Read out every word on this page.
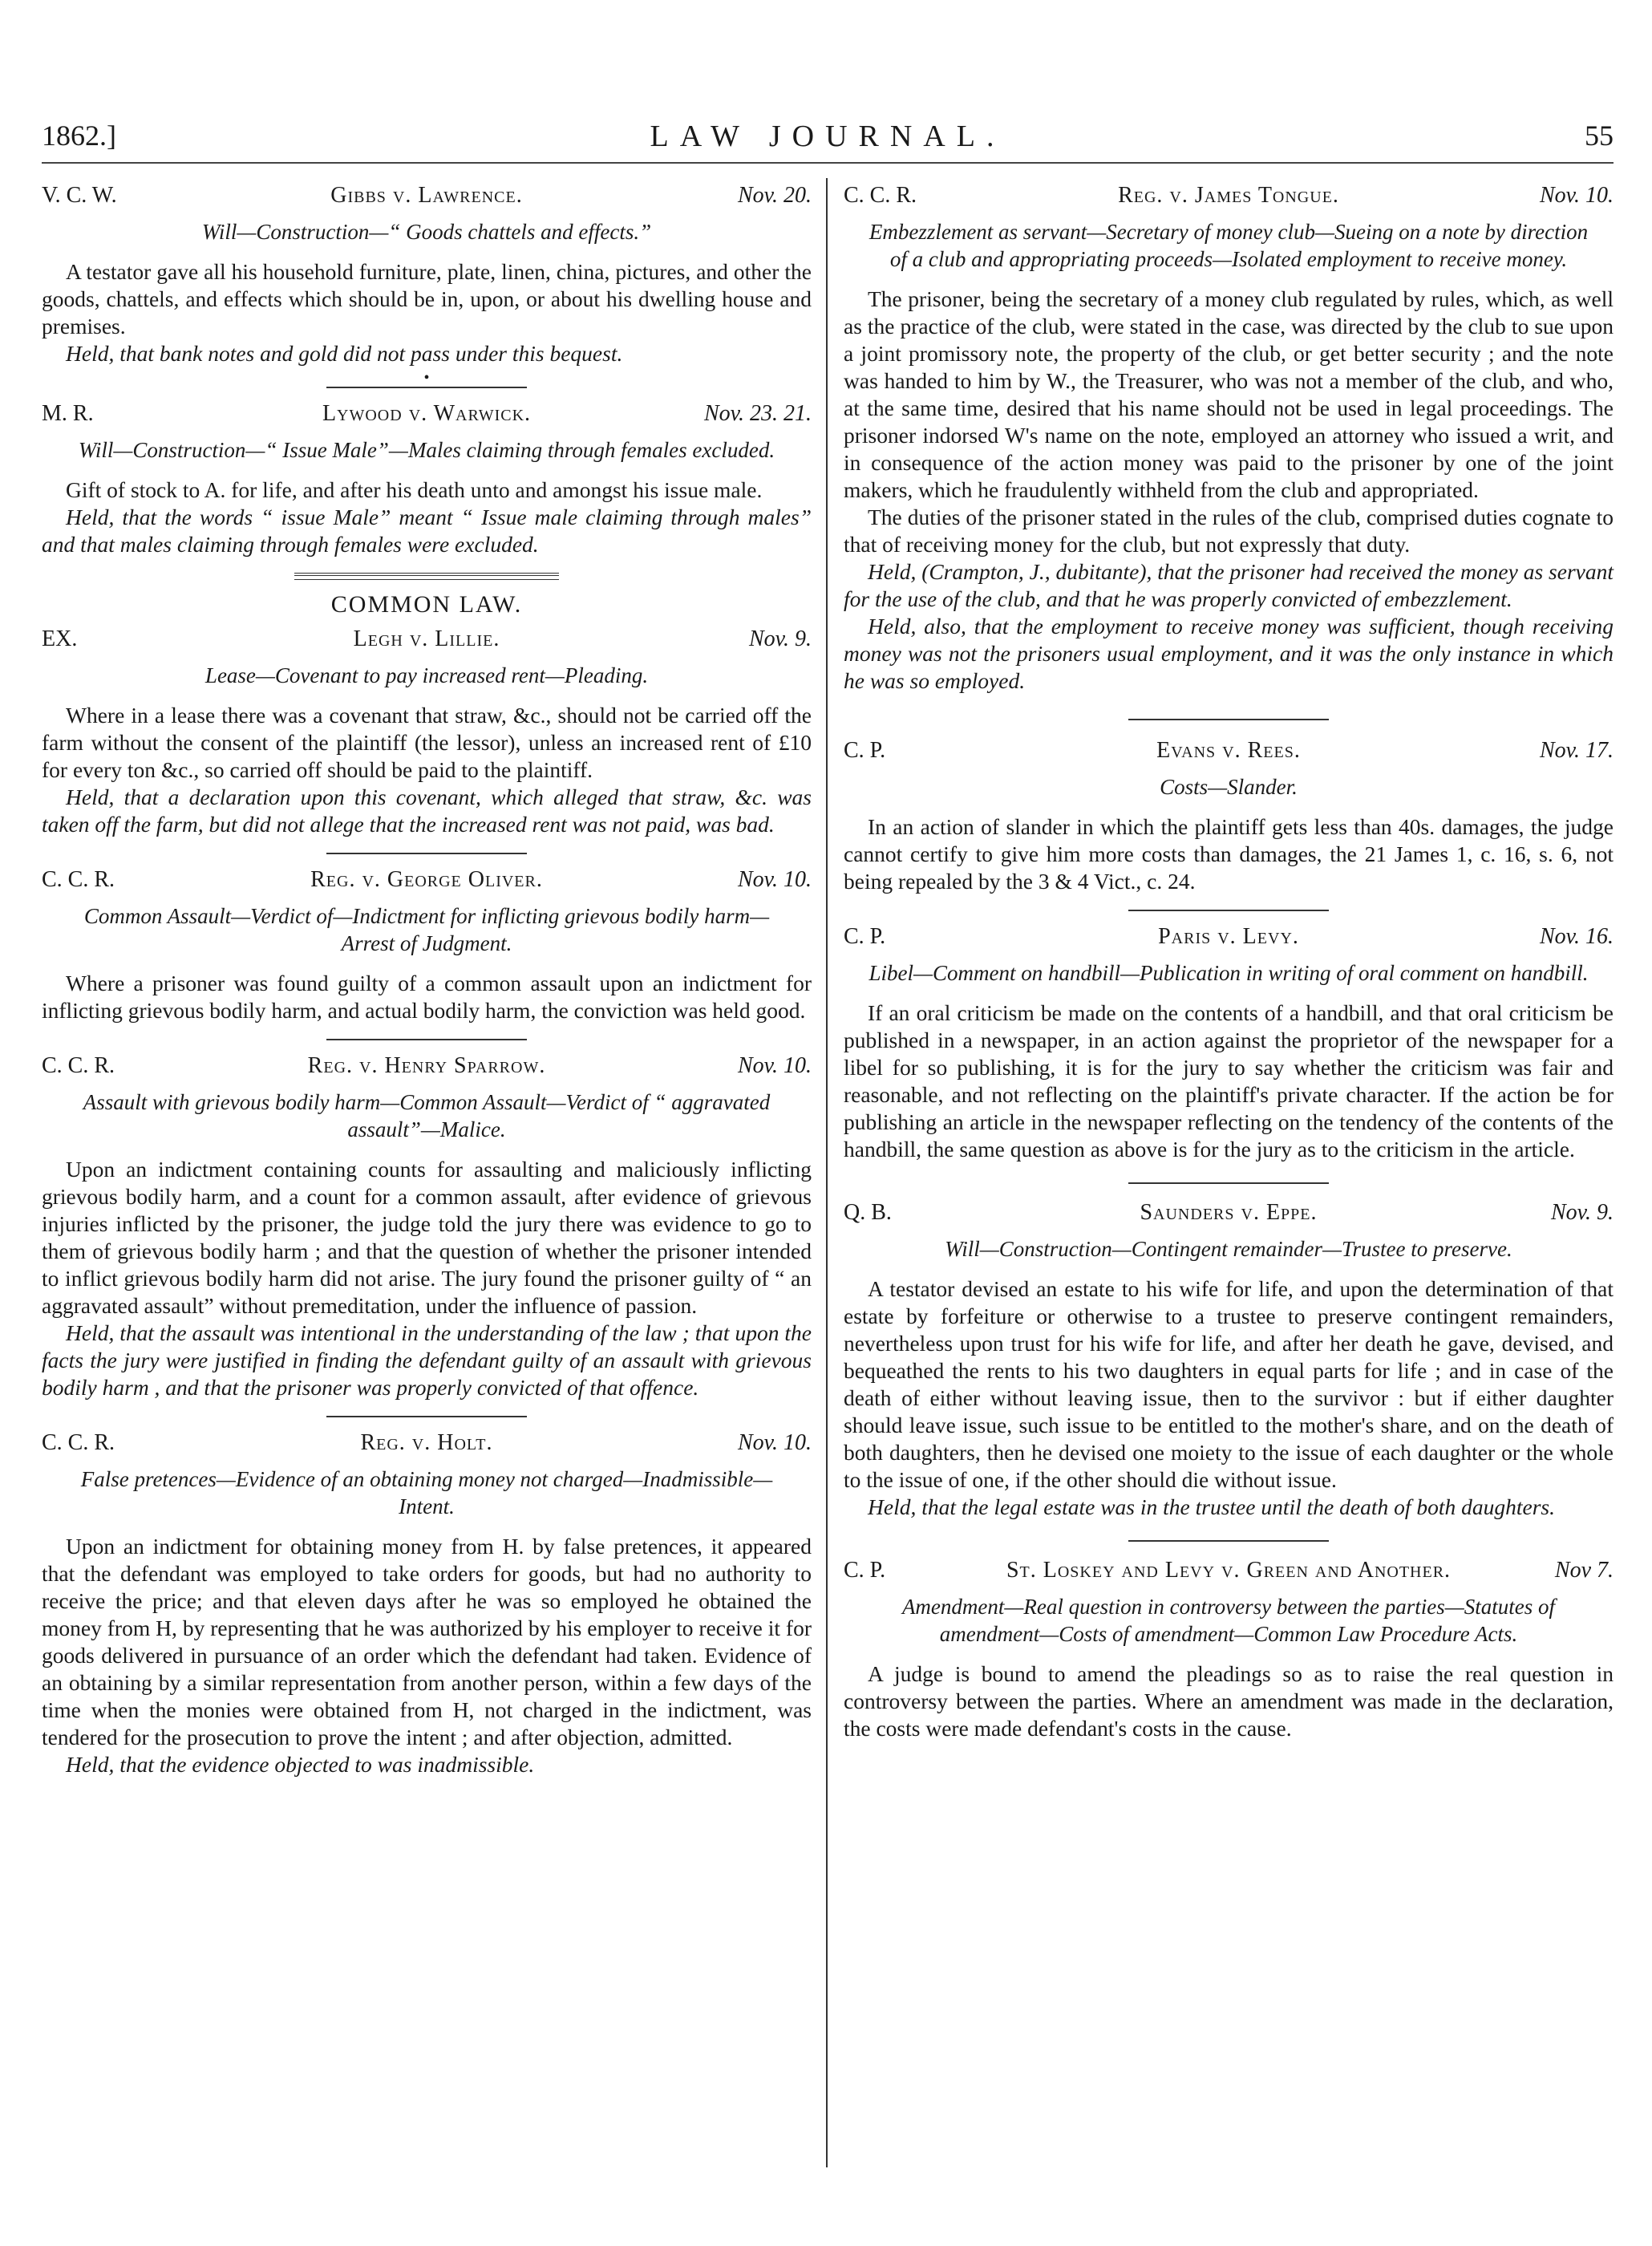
1862.]	LAW JOURNAL.	55
V. C. W.	Gibbs v. Lawrence.	Nov. 20.
Will—Construction—“ Goods chattels and effects.”

A testator gave all his household furniture, plate, linen, china, pictures, and other the goods, chattels, and effects which should be in, upon, or about his dwelling house and premises.

Held, that bank notes and gold did not pass under this bequest.

•
M. R.	Lywood v. Warwick.	Nov. 23. 21.
Will—Construction—“ Issue Male”—Males claiming through females excluded.

Gift of stock to A. for life, and after his death unto and amongst his issue male.

Held, that the words “ issue Male” meant “ Issue male claiming through males” and that males claiming through females were excluded.

COMMON LAW.
EX.	Legh v. Lillie.	Nov. 9.
Lease—Covenant to pay increased rent—Pleading.

Where in a lease there was a covenant that straw, &c., should not be carried off the farm without the consent of the plaintiff (the lessor), unless an increased rent of £10 for every ton &c., so carried off should be paid to the plaintiff.

Held, that a declaration upon this covenant, which alleged that straw, &c. was taken off the farm, but did not allege that the increased rent was not paid, was bad.

C. C. R.	Reg. v. George Oliver.	Nov. 10.
Common Assault—Verdict of—Indictment for inflicting grievous bodily harm—Arrest of Judgment.

Where a prisoner was found guilty of a common assault upon an indictment for inflicting grievous bodily harm, and actual bodily harm, the conviction was held good.

C. C. R.	Reg. v. Henry Sparrow.	Nov. 10.
Assault with grievous bodily harm—Common Assault—Verdict of “ aggravated assault”—Malice.

Upon an indictment containing counts for assaulting and maliciously inflicting grievous bodily harm, and a count for a common assault, after evidence of grievous injuries inflicted by the prisoner, the judge told the jury there was evidence to go to them of grievous bodily harm ; and that the question of whether the prisoner intended to inflict grievous bodily harm did not arise. The jury found the prisoner guilty of “ an aggravated assault” without premeditation, under the influence of passion.

Held, that the assault was intentional in the understanding of the law ; that upon the facts the jury were justified in finding the defendant guilty of an assault with grievous bodily harm , and that the prisoner was properly convicted of that offence.

C. C. R.	Reg. v. Holt.	Nov. 10.
False pretences—Evidence of an obtaining money not charged—Inadmissible—Intent.

Upon an indictment for obtaining money from H. by false pretences, it appeared that the defendant was employed to take orders for goods, but had no authority to receive the price; and that eleven days after he was so employed he obtained the money from H, by representing that he was authorized by his employer to receive it for goods delivered in pursuance of an order which the defendant had taken. Evidence of an obtaining by a similar representation from another person, within a few days of the time when the monies were obtained from H, not charged in the indictment, was tendered for the prosecution to prove the intent ; and after objection, admitted.

Held, that the evidence objected to was inadmissible.

C. C. R.	Reg. v. James Tongue.	Nov. 10.
Embezzlement as servant—Secretary of money club—Sueing on a note by direction of a club and appropriating proceeds—Isolated employment to receive money.

The prisoner, being the secretary of a money club regulated by rules, which, as well as the practice of the club, were stated in the case, was directed by the club to sue upon a joint promissory note, the property of the club, or get better security ; and the note was handed to him by W., the Treasurer, who was not a member of the club, and who, at the same time, desired that his name should not be used in legal proceedings. The prisoner indorsed W's name on the note, employed an attorney who issued a writ, and in consequence of the action money was paid to the prisoner by one of the joint makers, which he fraudulently withheld from the club and appropriated.

The duties of the prisoner stated in the rules of the club, comprised duties cognate to that of receiving money for the club, but not expressly that duty.

Held, (Crampton, J., dubitante), that the prisoner had received the money as servant for the use of the club, and that he was properly convicted of embezzlement.

Held, also, that the employment to receive money was sufficient, though receiving money was not the prisoners usual employment, and it was the only instance in which he was so employed.

C. P.	Evans v. Rees.	Nov. 17.
Costs—Slander.

In an action of slander in which the plaintiff gets less than 40s. damages, the judge cannot certify to give him more costs than damages, the 21 James 1, c. 16, s. 6, not being repealed by the 3 & 4 Vict., c. 24.

C. P.	Paris v. Levy.	Nov. 16.
Libel—Comment on handbill—Publication in writing of oral comment on handbill.

If an oral criticism be made on the contents of a handbill, and that oral criticism be published in a newspaper, in an action against the proprietor of the newspaper for a libel for so publishing, it is for the jury to say whether the criticism was fair and reasonable, and not reflecting on the plaintiff's private character. If the action be for publishing an article in the newspaper reflecting on the tendency of the contents of the handbill, the same question as above is for the jury as to the criticism in the article.

Q. B.	Saunders v. Eppe.	Nov. 9.
Will—Construction—Contingent remainder—Trustee to preserve.

A testator devised an estate to his wife for life, and upon the determination of that estate by forfeiture or otherwise to a trustee to preserve contingent remainders, nevertheless upon trust for his wife for life, and after her death he gave, devised, and bequeathed the rents to his two daughters in equal parts for life ; and in case of the death of either without leaving issue, then to the survivor : but if either daughter should leave issue, such issue to be entitled to the mother's share, and on the death of both daughters, then he devised one moiety to the issue of each daughter or the whole to the issue of one, if the other should die without issue.

Held, that the legal estate was in the trustee until the death of both daughters.

C. P.	St. Loskey and Levy v. Green and Another.	Nov 7.
Amendment—Real question in controversy between the parties—Statutes of amendment—Costs of amendment—Common Law Procedure Acts.

A judge is bound to amend the pleadings so as to raise the real question in controversy between the parties. Where an amendment was made in the declaration, the costs were made defendant's costs in the cause.
